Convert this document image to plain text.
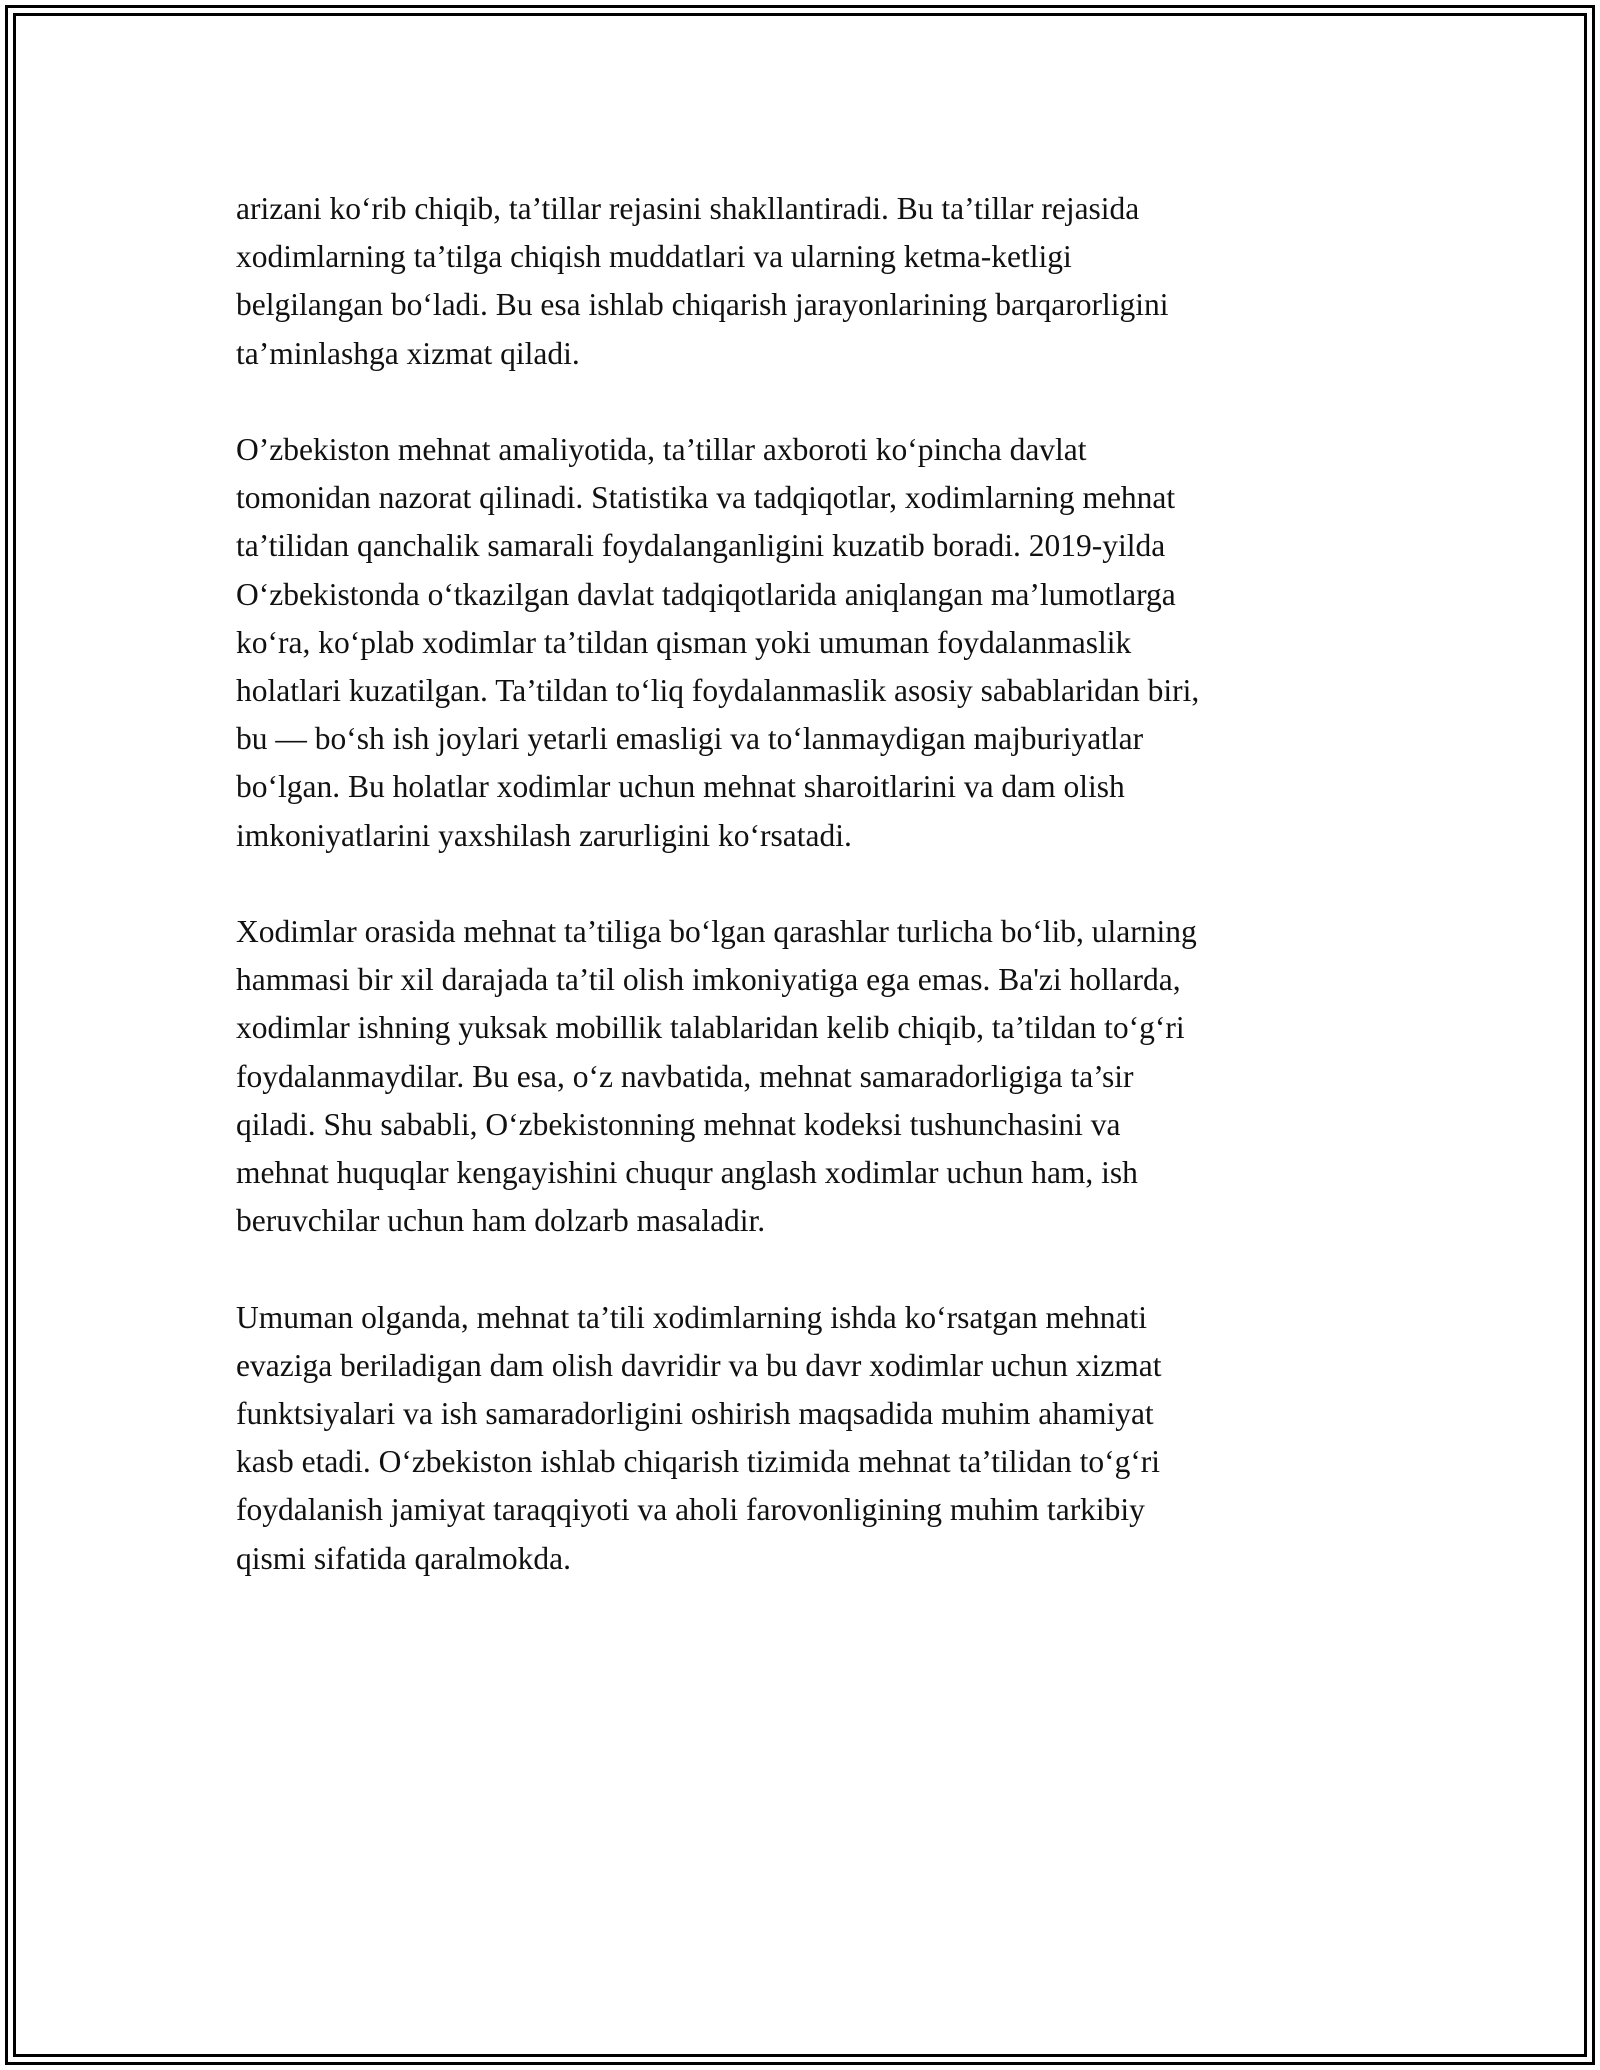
arizani ko‘rib chiqib, ta’tillar rejasini shakllantiradi. Bu ta’tillar rejasida
xodimlarning ta’tilga chiqish muddatlari va ularning ketma-ketligi
belgilangan bo‘ladi. Bu esa ishlab chiqarish jarayonlarining barqarorligini
ta’minlashga xizmat qiladi.

O’zbekiston mehnat amaliyotida, ta’tillar axboroti ko‘pincha davlat
tomonidan nazorat qilinadi. Statistika va tadqiqotlar, xodimlarning mehnat
ta’tilidan qanchalik samarali foydalanganligini kuzatib boradi. 2019-yilda
O‘zbekistonda o‘tkazilgan davlat tadqiqotlarida aniqlangan ma’lumotlarga
ko‘ra, ko‘plab xodimlar ta’tildan qisman yoki umuman foydalanmaslik
holatlari kuzatilgan. Ta’tildan to‘liq foydalanmaslik asosiy sabablaridan biri,
bu — bo‘sh ish joylari yetarli emasligi va to‘lanmaydigan majburiyatlar
bo‘lgan. Bu holatlar xodimlar uchun mehnat sharoitlarini va dam olish
imkoniyatlarini yaxshilash zarurligini ko‘rsatadi.

Xodimlar orasida mehnat ta’tiliga bo‘lgan qarashlar turlicha bo‘lib, ularning
hammasi bir xil darajada ta’til olish imkoniyatiga ega emas. Ba'zi hollarda,
xodimlar ishning yuksak mobillik talablaridan kelib chiqib, ta’tildan to‘g‘ri
foydalanmaydilar. Bu esa, o‘z navbatida, mehnat samaradorligiga ta’sir
qiladi. Shu sababli, O‘zbekistonning mehnat kodeksi tushunchasini va
mehnat huquqlar kengayishini chuqur anglash xodimlar uchun ham, ish
beruvchilar uchun ham dolzarb masaladir.

Umuman olganda, mehnat ta’tili xodimlarning ishda ko‘rsatgan mehnati
evaziga beriladigan dam olish davridir va bu davr xodimlar uchun xizmat
funktsiyalari va ish samaradorligini oshirish maqsadida muhim ahamiyat
kasb etadi. O‘zbekiston ishlab chiqarish tizimida mehnat ta’tilidan to‘g‘ri
foydalanish jamiyat taraqqiyoti va aholi farovonligining muhim tarkibiy
qismi sifatida qaralmokda.
